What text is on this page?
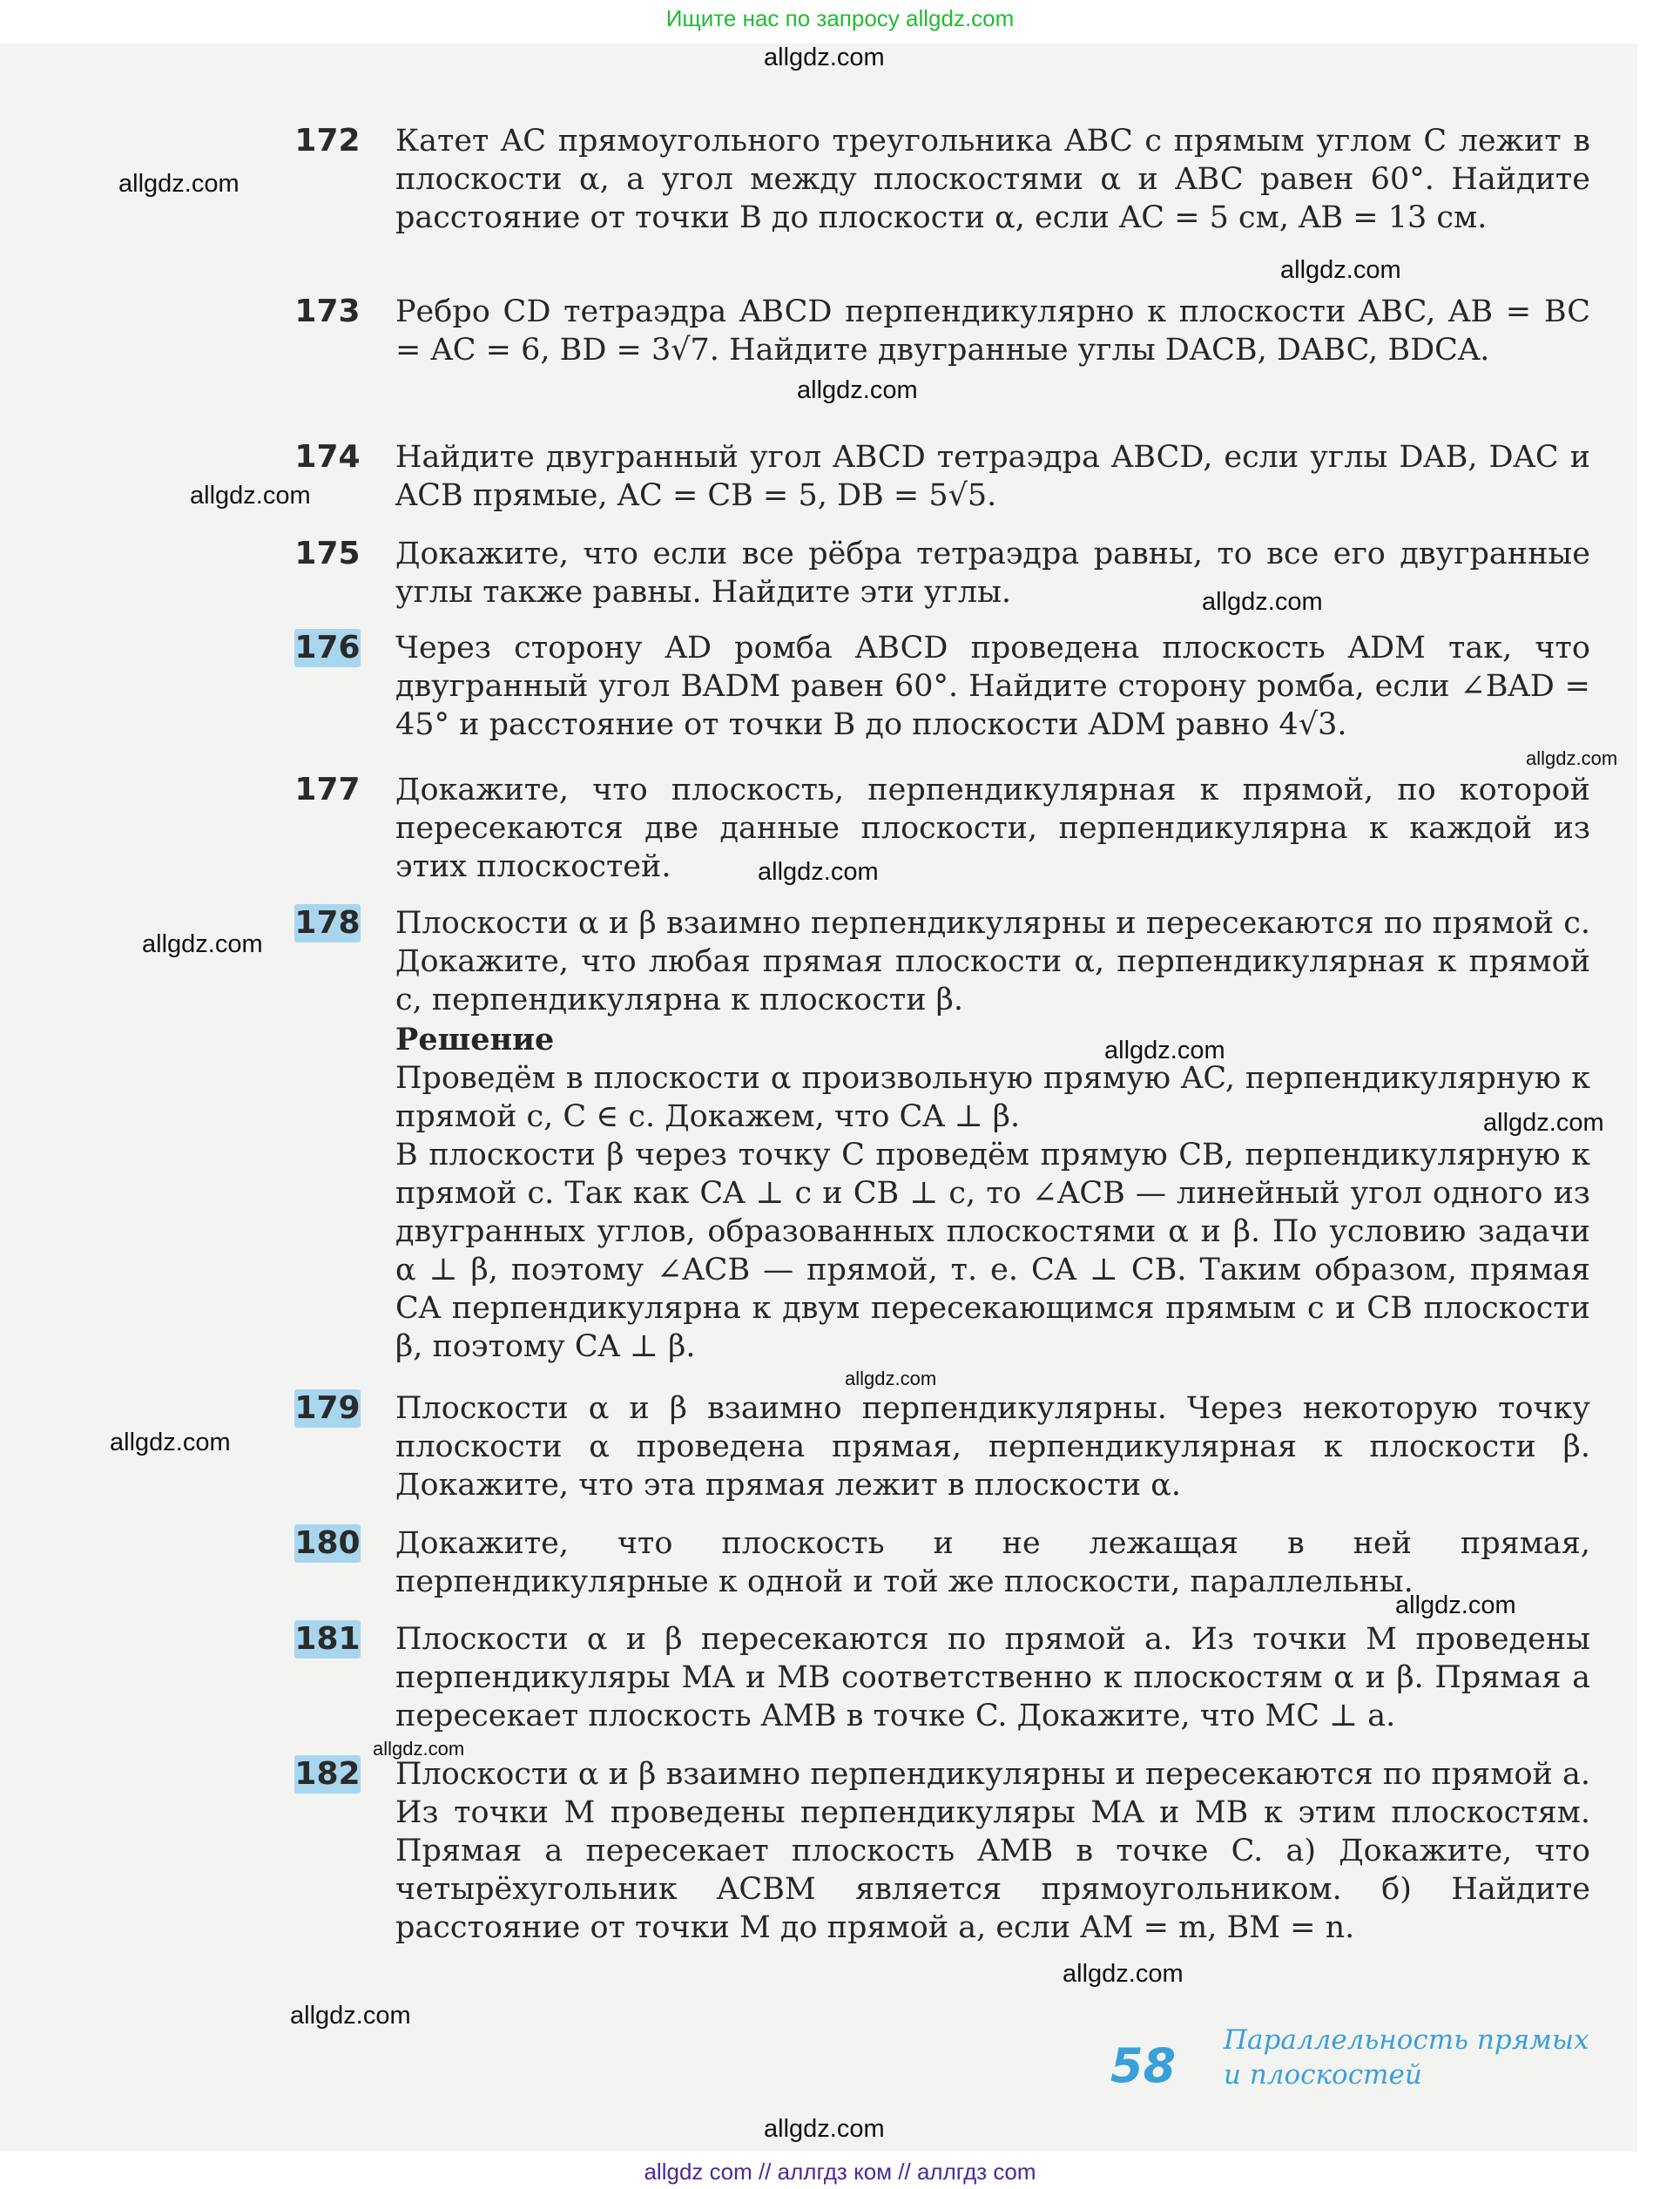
Ищите нас по запросу allgdz.com
allgdz.com
allgdz.com
allgdz.com
allgdz.com
allgdz.com
allgdz.com
allgdz.com
allgdz.com
allgdz.com
allgdz.com
allgdz.com
allgdz.com
allgdz.com
allgdz.com
allgdz.com
allgdz.com
allgdz.com
allgdz.com
172 Катет AC прямоугольного треугольника ABC с прямым углом C лежит в плоскости α, а угол между плоскостями α и ABC равен 60°. Найдите расстояние от точки B до плоскости α, если AC = 5 см, AB = 13 см.
173 Ребро CD тетраэдра ABCD перпендикулярно к плоскости ABC, AB = BC = AC = 6, BD = 3√7. Найдите двугранные углы DACB, DABC, BDCA.
174 Найдите двугранный угол ABCD тетраэдра ABCD, если углы DAB, DAC и ACB прямые, AC = CB = 5, DB = 5√5.
175 Докажите, что если все рёбра тетраэдра равны, то все его двугранные углы также равны. Найдите эти углы.
176 Через сторону AD ромба ABCD проведена плоскость ADM так, что двугранный угол BADM равен 60°. Найдите сторону ромба, если ∠BAD = 45° и расстояние от точки B до плоскости ADM равно 4√3.
177 Докажите, что плоскость, перпендикулярная к прямой, по которой пересекаются две данные плоскости, перпендикулярна к каждой из этих плоскостей.
178 Плоскости α и β взаимно перпендикулярны и пересекаются по прямой c. Докажите, что любая прямая плоскости α, перпендикулярная к прямой c, перпендикулярна к плоскости β.
Решение
Проведём в плоскости α произвольную прямую AC, перпендикулярную к прямой c, C ∈ c. Докажем, что CA ⊥ β.
В плоскости β через точку C проведём прямую CB, перпендикулярную к прямой c. Так как CA ⊥ c и CB ⊥ c, то ∠ACB — линейный угол одного из двугранных углов, образованных плоскостями α и β. По условию задачи α ⊥ β, поэтому ∠ACB — прямой, т. е. CA ⊥ CB. Таким образом, прямая CA перпендикулярна к двум пересекающимся прямым c и CB плоскости β, поэтому CA ⊥ β.
179 Плоскости α и β взаимно перпендикулярны. Через некоторую точку плоскости α проведена прямая, перпендикулярная к плоскости β. Докажите, что эта прямая лежит в плоскости α.
180 Докажите, что плоскость и не лежащая в ней прямая, перпендикулярные к одной и той же плоскости, параллельны.
181 Плоскости α и β пересекаются по прямой a. Из точки M проведены перпендикуляры MA и MB соответственно к плоскостям α и β. Прямая a пересекает плоскость AMB в точке C. Докажите, что MC ⊥ a.
182 Плоскости α и β взаимно перпендикулярны и пересекаются по прямой a. Из точки M проведены перпендикуляры MA и MB к этим плоскостям. Прямая a пересекает плоскость AMB в точке C. а) Докажите, что четырёхугольник ACBM является прямоугольником. б) Найдите расстояние от точки M до прямой a, если AM = m, BM = n.
58 Параллельность прямых и плоскостей
allgdz com // аллгдз ком // аллгдз com
